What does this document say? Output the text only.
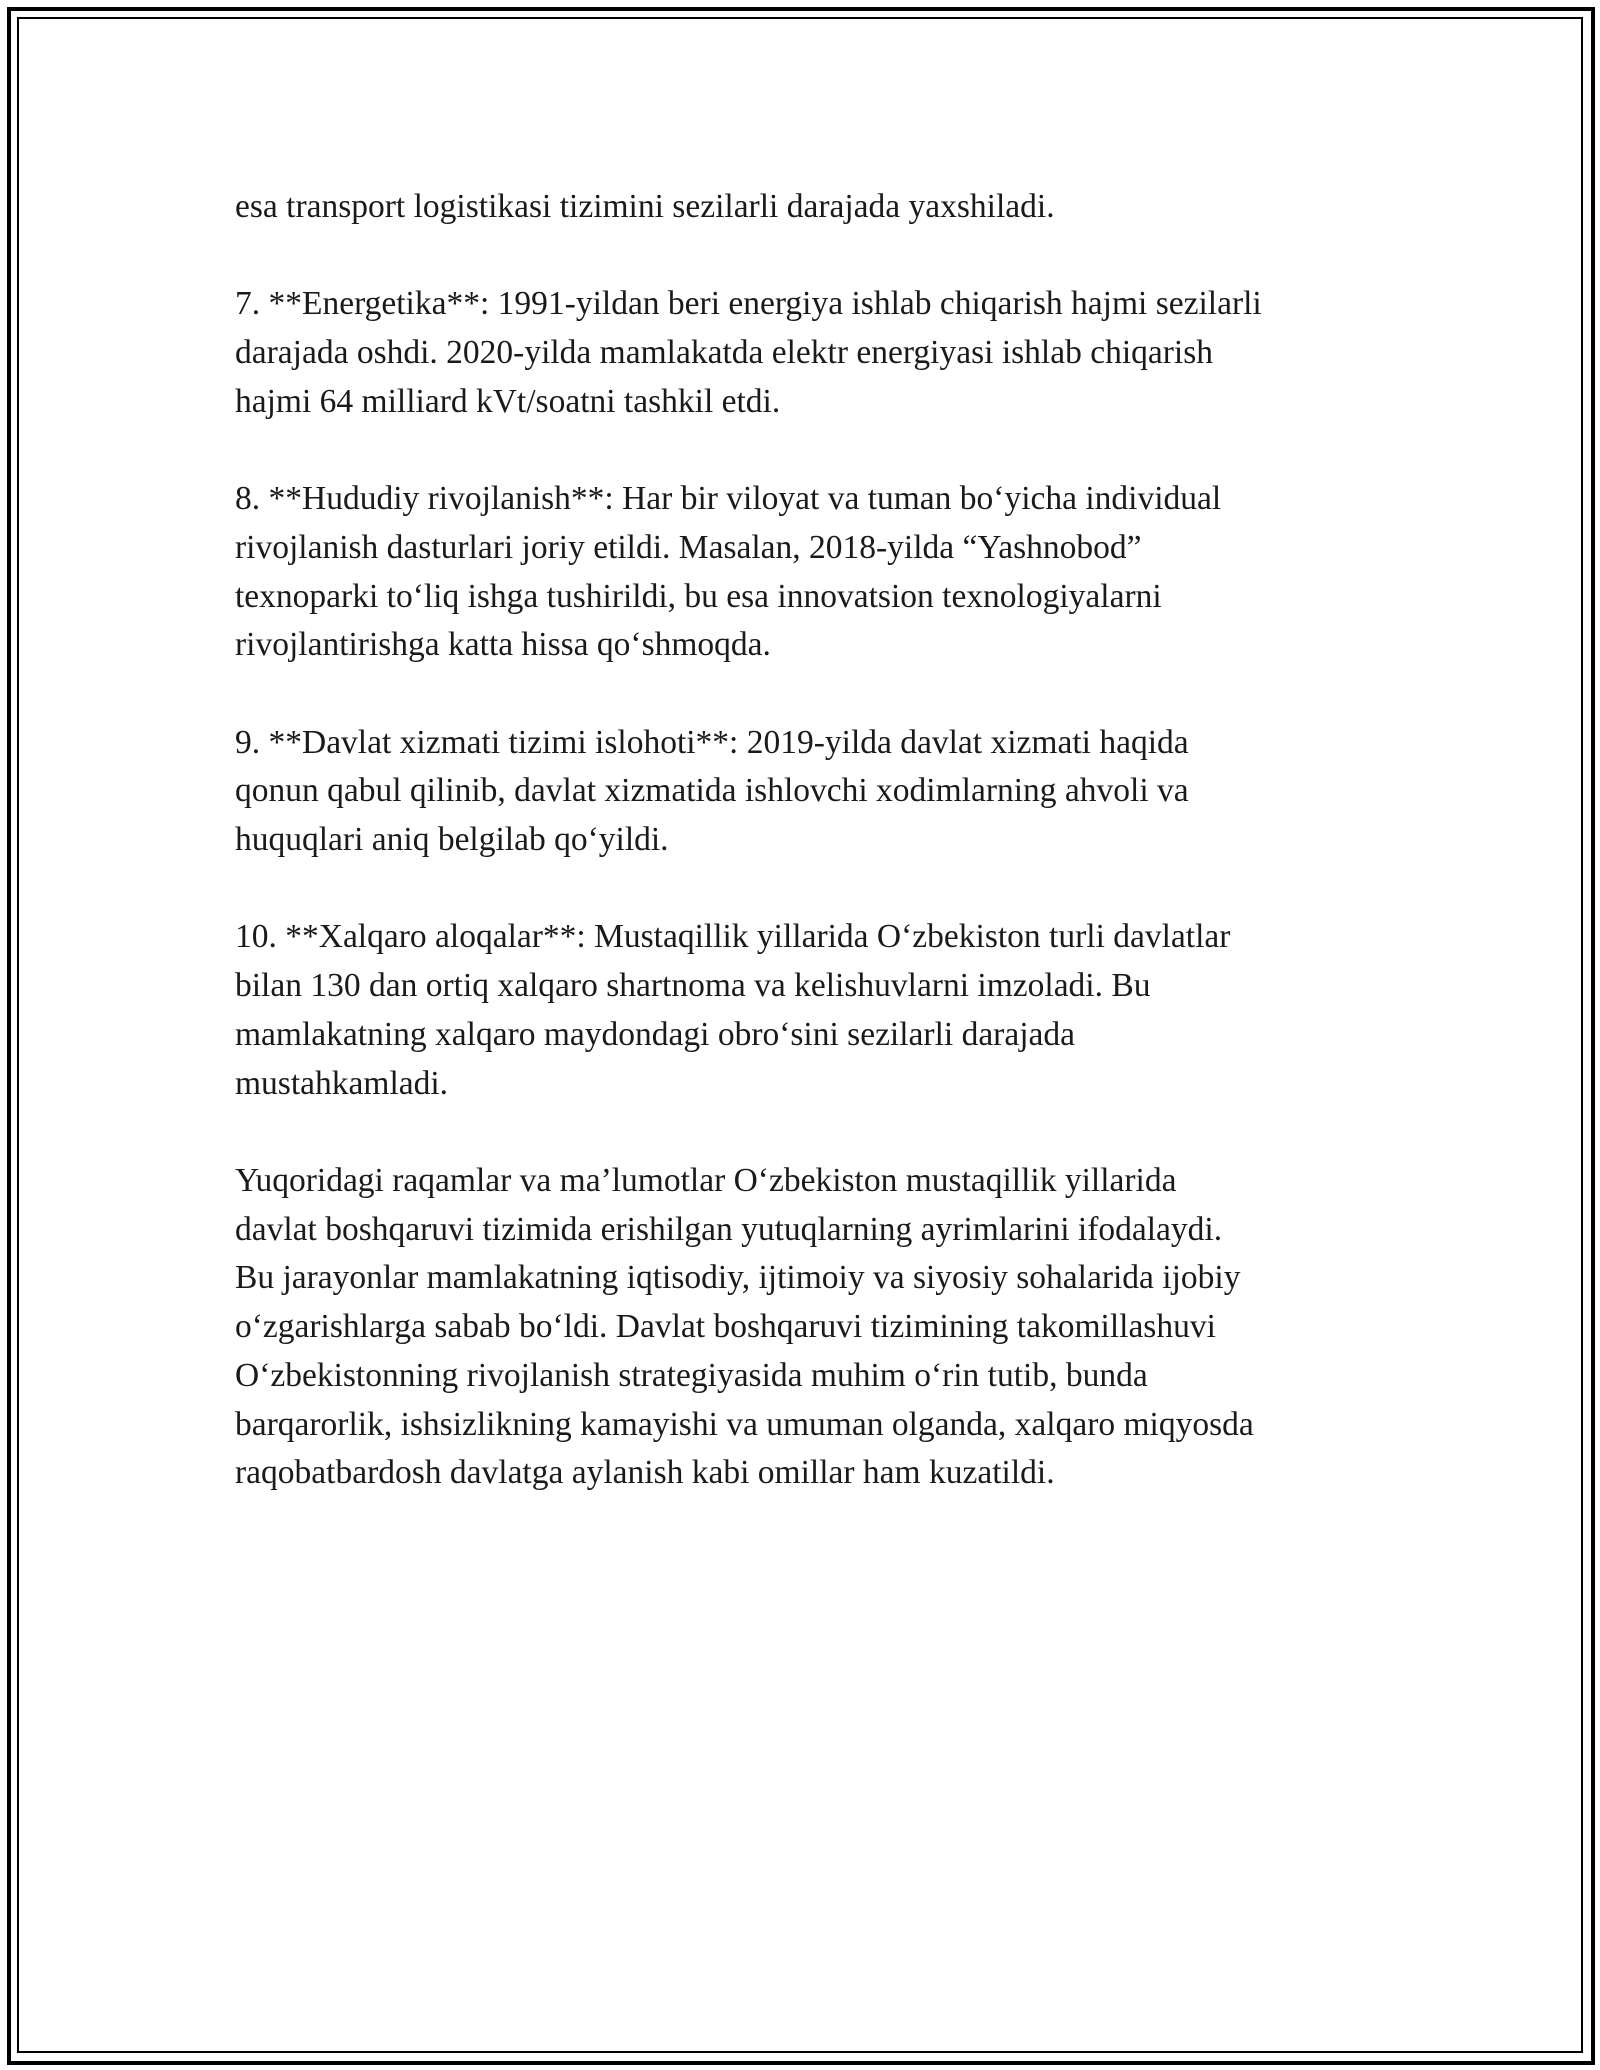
esa transport logistikasi tizimini sezilarli darajada yaxshiladi.

7. **Energetika**: 1991-yildan beri energiya ishlab chiqarish hajmi sezilarli
darajada oshdi. 2020-yilda mamlakatda elektr energiyasi ishlab chiqarish
hajmi 64 milliard kVt/soatni tashkil etdi.

8. **Hududiy rivojlanish**: Har bir viloyat va tuman bo‘yicha individual
rivojlanish dasturlari joriy etildi. Masalan, 2018-yilda “Yashnobod”
texnoparki to‘liq ishga tushirildi, bu esa innovatsion texnologiyalarni
rivojlantirishga katta hissa qo‘shmoqda.

9. **Davlat xizmati tizimi islohoti**: 2019-yilda davlat xizmati haqida
qonun qabul qilinib, davlat xizmatida ishlovchi xodimlarning ahvoli va
huquqlari aniq belgilab qo‘yildi.

10. **Xalqaro aloqalar**: Mustaqillik yillarida O‘zbekiston turli davlatlar
bilan 130 dan ortiq xalqaro shartnoma va kelishuvlarni imzoladi. Bu
mamlakatning xalqaro maydondagi obro‘sini sezilarli darajada
mustahkamladi.

Yuqoridagi raqamlar va ma’lumotlar O‘zbekiston mustaqillik yillarida
davlat boshqaruvi tizimida erishilgan yutuqlarning ayrimlarini ifodalaydi.
Bu jarayonlar mamlakatning iqtisodiy, ijtimoiy va siyosiy sohalarida ijobiy
o‘zgarishlarga sabab bo‘ldi. Davlat boshqaruvi tizimining takomillashuvi
O‘zbekistonning rivojlanish strategiyasida muhim o‘rin tutib, bunda
barqarorlik, ishsizlikning kamayishi va umuman olganda, xalqaro miqyosda
raqobatbardosh davlatga aylanish kabi omillar ham kuzatildi.
